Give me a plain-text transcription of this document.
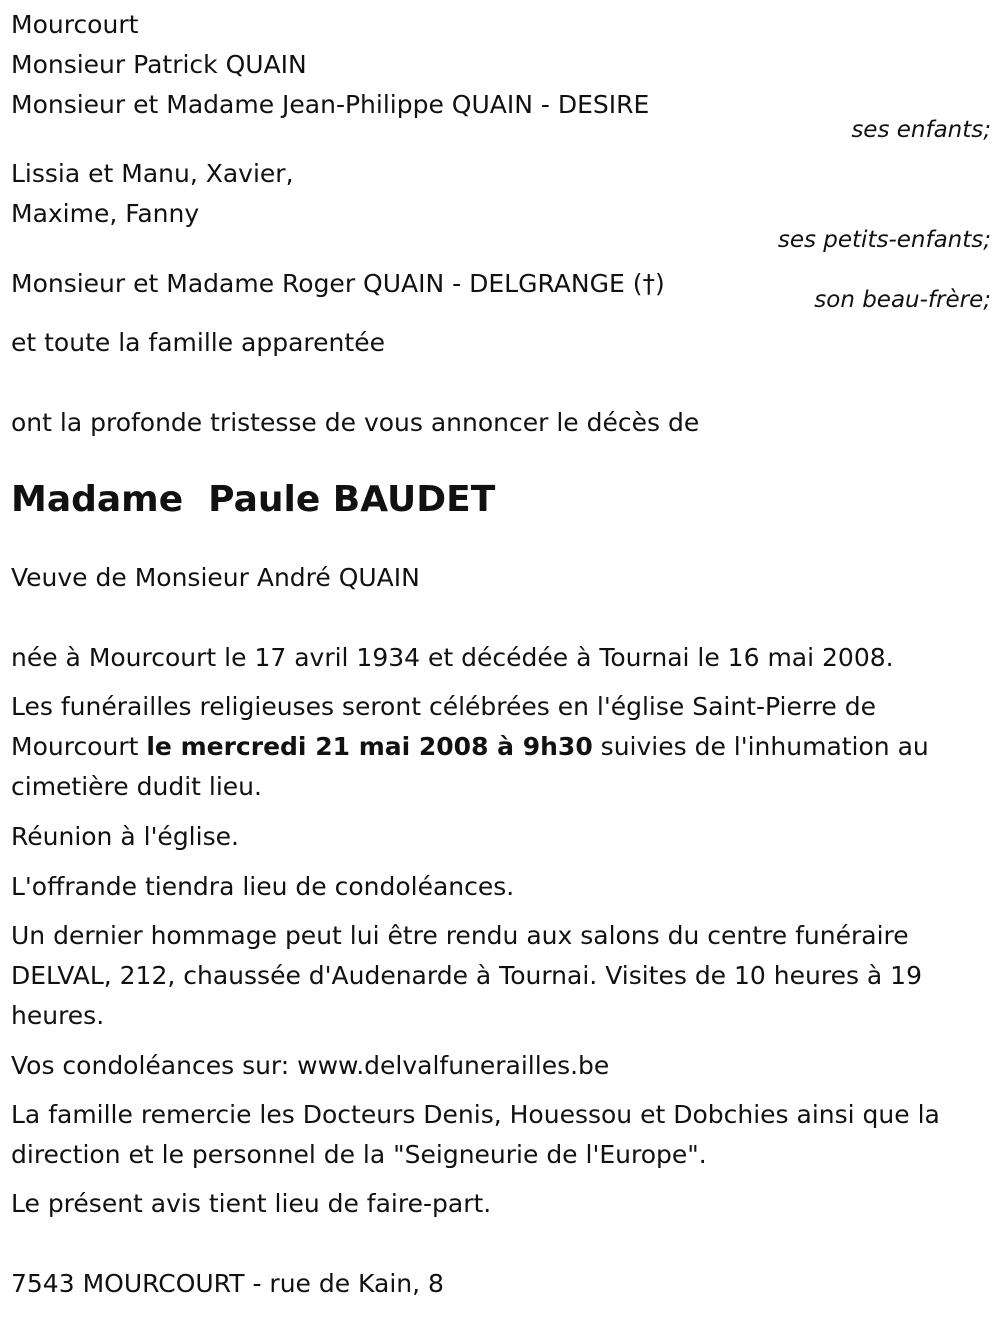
Mourcourt
Monsieur Patrick QUAIN
Monsieur et Madame Jean-Philippe QUAIN - DESIRE
ses enfants;
Lissia et Manu, Xavier,
Maxime, Fanny
ses petits-enfants;
Monsieur et Madame Roger QUAIN - DELGRANGE (†)
son beau-frère;
et toute la famille apparentée
ont la profonde tristesse de vous annoncer le décès de
Madame  Paule BAUDET
Veuve de Monsieur André QUAIN
née à Mourcourt le 17 avril 1934 et décédée à Tournai le 16 mai 2008.
Les funérailles religieuses seront célébrées en l'église Saint-Pierre de Mourcourt le mercredi 21 mai 2008 à 9h30 suivies de l'inhumation au cimetière dudit lieu.
Réunion à l'église.
L'offrande tiendra lieu de condoléances.
Un dernier hommage peut lui être rendu aux salons du centre funéraire DELVAL, 212, chaussée d'Audenarde à Tournai. Visites de 10 heures à 19 heures.
Vos condoléances sur: www.delvalfunerailles.be
La famille remercie les Docteurs Denis, Houessou et Dobchies ainsi que la direction et le personnel de la "Seigneurie de l'Europe".
Le présent avis tient lieu de faire-part.
7543 MOURCOURT - rue de Kain, 8
